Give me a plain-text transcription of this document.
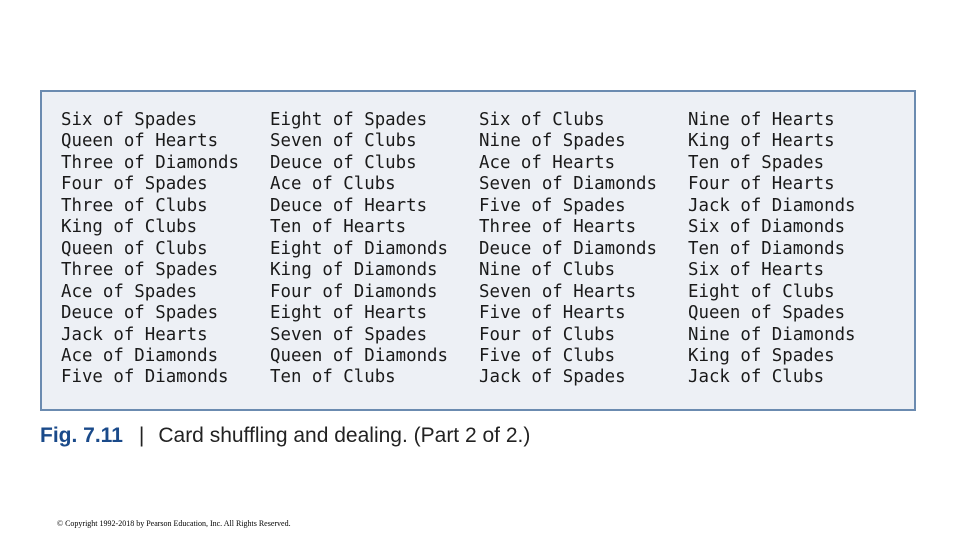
Six of Spades
Queen of Hearts
Three of Diamonds
Four of Spades
Three of Clubs
King of Clubs
Queen of Clubs
Three of Spades
Ace of Spades
Deuce of Spades
Jack of Hearts
Ace of Diamonds
Five of Diamonds
Eight of Spades
Seven of Clubs
Deuce of Clubs
Ace of Clubs
Deuce of Hearts
Ten of Hearts
Eight of Diamonds
King of Diamonds
Four of Diamonds
Eight of Hearts
Seven of Spades
Queen of Diamonds
Ten of Clubs
Six of Clubs
Nine of Spades
Ace of Hearts
Seven of Diamonds
Five of Spades
Three of Hearts
Deuce of Diamonds
Nine of Clubs
Seven of Hearts
Five of Hearts
Four of Clubs
Five of Clubs
Jack of Spades
Nine of Hearts
King of Hearts
Ten of Spades
Four of Hearts
Jack of Diamonds
Six of Diamonds
Ten of Diamonds
Six of Hearts
Eight of Clubs
Queen of Spades
Nine of Diamonds
King of Spades
Jack of Clubs
Fig. 7.11 | Card shuffling and dealing. (Part 2 of 2.)
© Copyright 1992-2018 by Pearson Education, Inc. All Rights Reserved.
